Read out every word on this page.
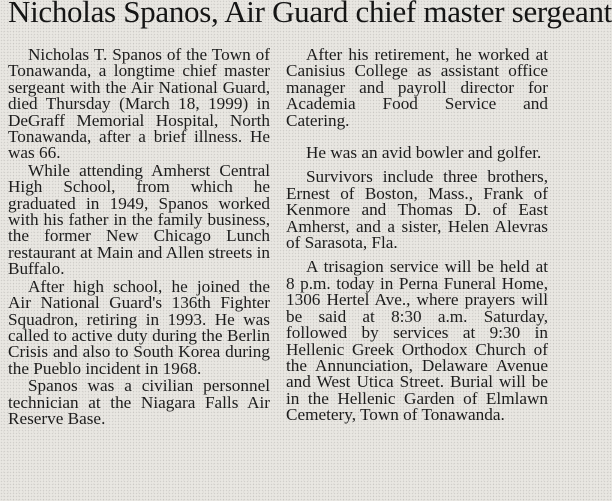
Nicholas Spanos, Air Guard chief master sergeant

Nicholas T. Spanos of the Town of Tonawanda, a longtime chief master sergeant with the Air National Guard, died Thursday (March 18, 1999) in DeGraff Memorial Hospital, North Tonawanda, after a brief illness. He was 66.

While attending Amherst Central High School, from which he graduated in 1949, Spanos worked with his father in the family business, the former New Chicago Lunch restaurant at Main and Allen streets in Buffalo.

After high school, he joined the Air National Guard's 136th Fighter Squadron, retiring in 1993. He was called to active duty during the Berlin Crisis and also to South Korea during the Pueblo incident in 1968.

Spanos was a civilian personnel technician at the Niagara Falls Air Reserve Base.

After his retirement, he worked at Canisius College as assistant office manager and payroll director for Academia Food Service and Catering.

He was an avid bowler and golfer.

Survivors include three brothers, Ernest of Boston, Mass., Frank of Kenmore and Thomas D. of East Amherst, and a sister, Helen Alevras of Sarasota, Fla.

A trisagion service will be held at 8 p.m. today in Perna Funeral Home, 1306 Hertel Ave., where prayers will be said at 8:30 a.m. Saturday, followed by services at 9:30 in Hellenic Greek Orthodox Church of the Annunciation, Delaware Avenue and West Utica Street. Burial will be in the Hellenic Garden of Elmlawn Cemetery, Town of Tonawanda.
